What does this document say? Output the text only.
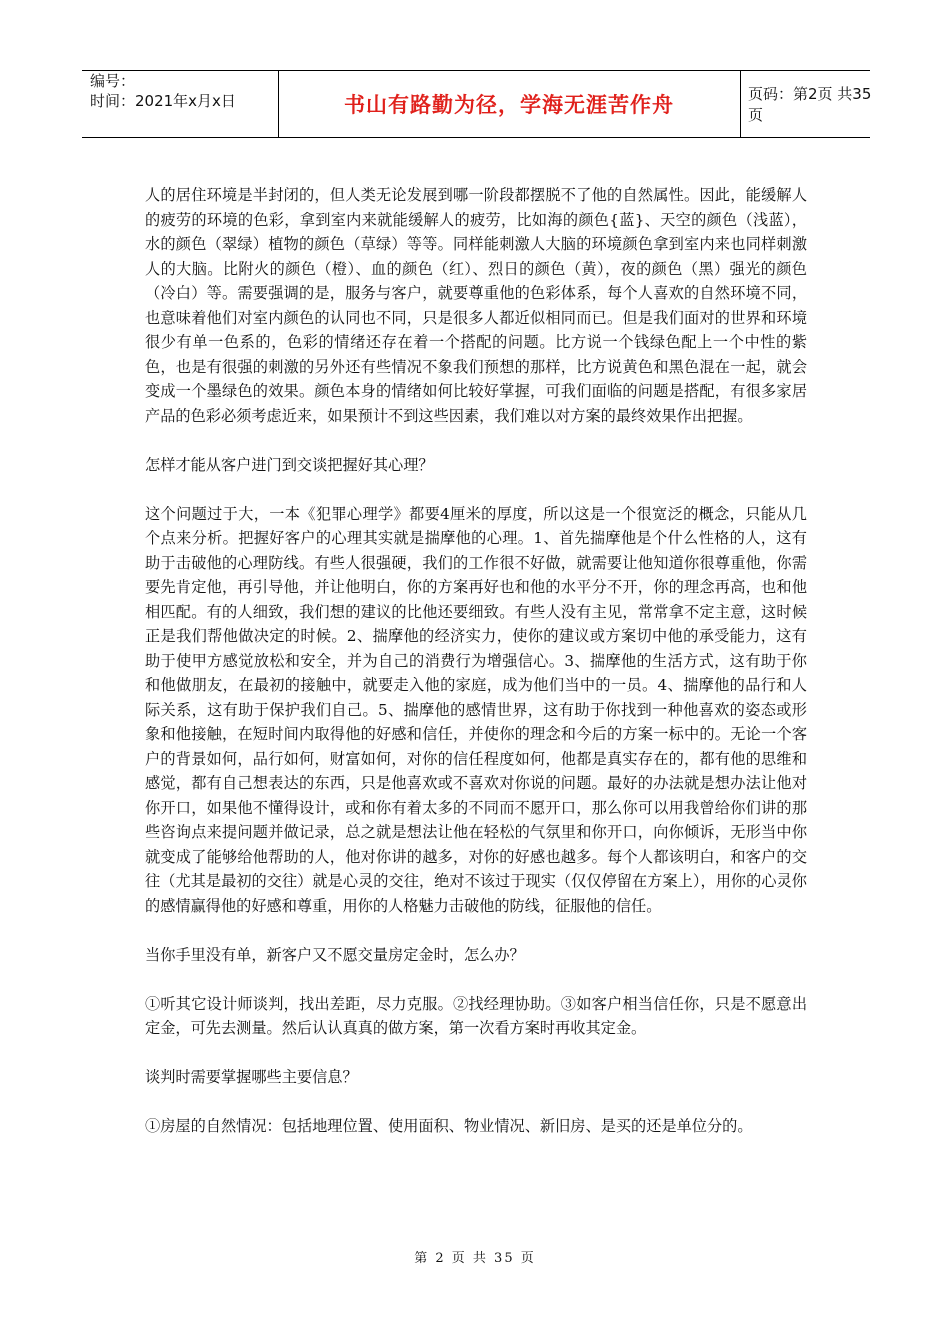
编号：
时间：2021年x月x日	书山有路勤为径，学海无涯苦作舟	页码：第2页 共35页

人的居住环境是半封闭的，但人类无论发展到哪一阶段都摆脱不了他的自然属性。因此，能缓解人的疲劳的环境的色彩，拿到室内来就能缓解人的疲劳，比如海的颜色{蓝}、天空的颜色（浅蓝），水的颜色（翠绿）植物的颜色（草绿）等等。同样能刺激人大脑的环境颜色拿到室内来也同样刺激人的大脑。比附火的颜色（橙）、血的颜色（红）、烈日的颜色（黄），夜的颜色（黑）强光的颜色（冷白）等。需要强调的是，服务与客户，就要尊重他的色彩体系，每个人喜欢的自然环境不同，也意味着他们对室内颜色的认同也不同，只是很多人都近似相同而已。但是我们面对的世界和环境很少有单一色系的，色彩的情绪还存在着一个搭配的问题。比方说一个钱绿色配上一个中性的紫色，也是有很强的刺激的另外还有些情况不象我们预想的那样，比方说黄色和黑色混在一起，就会变成一个墨绿色的效果。颜色本身的情绪如何比较好掌握，可我们面临的问题是搭配，有很多家居产品的色彩必须考虑近来，如果预计不到这些因素，我们难以对方案的最终效果作出把握。

怎样才能从客户进门到交谈把握好其心理？

这个问题过于大，一本《犯罪心理学》都要4厘米的厚度，所以这是一个很宽泛的概念，只能从几个点来分析。把握好客户的心理其实就是揣摩他的心理。1、首先揣摩他是个什么性格的人，这有助于击破他的心理防线。有些人很强硬，我们的工作很不好做，就需要让他知道你很尊重他，你需要先肯定他，再引导他，并让他明白，你的方案再好也和他的水平分不开，你的理念再高，也和他相匹配。有的人细致，我们想的建议的比他还要细致。有些人没有主见，常常拿不定主意，这时候正是我们帮他做决定的时候。2、揣摩他的经济实力，使你的建议或方案切中他的承受能力，这有助于使甲方感觉放松和安全，并为自己的消费行为增强信心。3、揣摩他的生活方式，这有助于你和他做朋友，在最初的接触中，就要走入他的家庭，成为他们当中的一员。4、揣摩他的品行和人际关系，这有助于保护我们自己。5、揣摩他的感情世界，这有助于你找到一种他喜欢的姿态或形象和他接触，在短时间内取得他的好感和信任，并使你的理念和今后的方案一标中的。无论一个客户的背景如何，品行如何，财富如何，对你的信任程度如何，他都是真实存在的，都有他的思维和感觉，都有自己想表达的东西，只是他喜欢或不喜欢对你说的问题。最好的办法就是想办法让他对你开口，如果他不懂得设计，或和你有着太多的不同而不愿开口，那么你可以用我曾给你们讲的那些咨询点来提问题并做记录，总之就是想法让他在轻松的气氛里和你开口，向你倾诉，无形当中你就变成了能够给他帮助的人，他对你讲的越多，对你的好感也越多。每个人都该明白，和客户的交往（尤其是最初的交往）就是心灵的交往，绝对不该过于现实（仅仅停留在方案上），用你的心灵你的感情赢得他的好感和尊重，用你的人格魅力击破他的防线，征服他的信任。

当你手里没有单，新客户又不愿交量房定金时，怎么办？

①听其它设计师谈判，找出差距，尽力克服。②找经理协助。③如客户相当信任你，只是不愿意出定金，可先去测量。然后认认真真的做方案，第一次看方案时再收其定金。

谈判时需要掌握哪些主要信息？

①房屋的自然情况：包括地理位置、使用面积、物业情况、新旧房、是买的还是单位分的。

第 2 页 共 35 页
